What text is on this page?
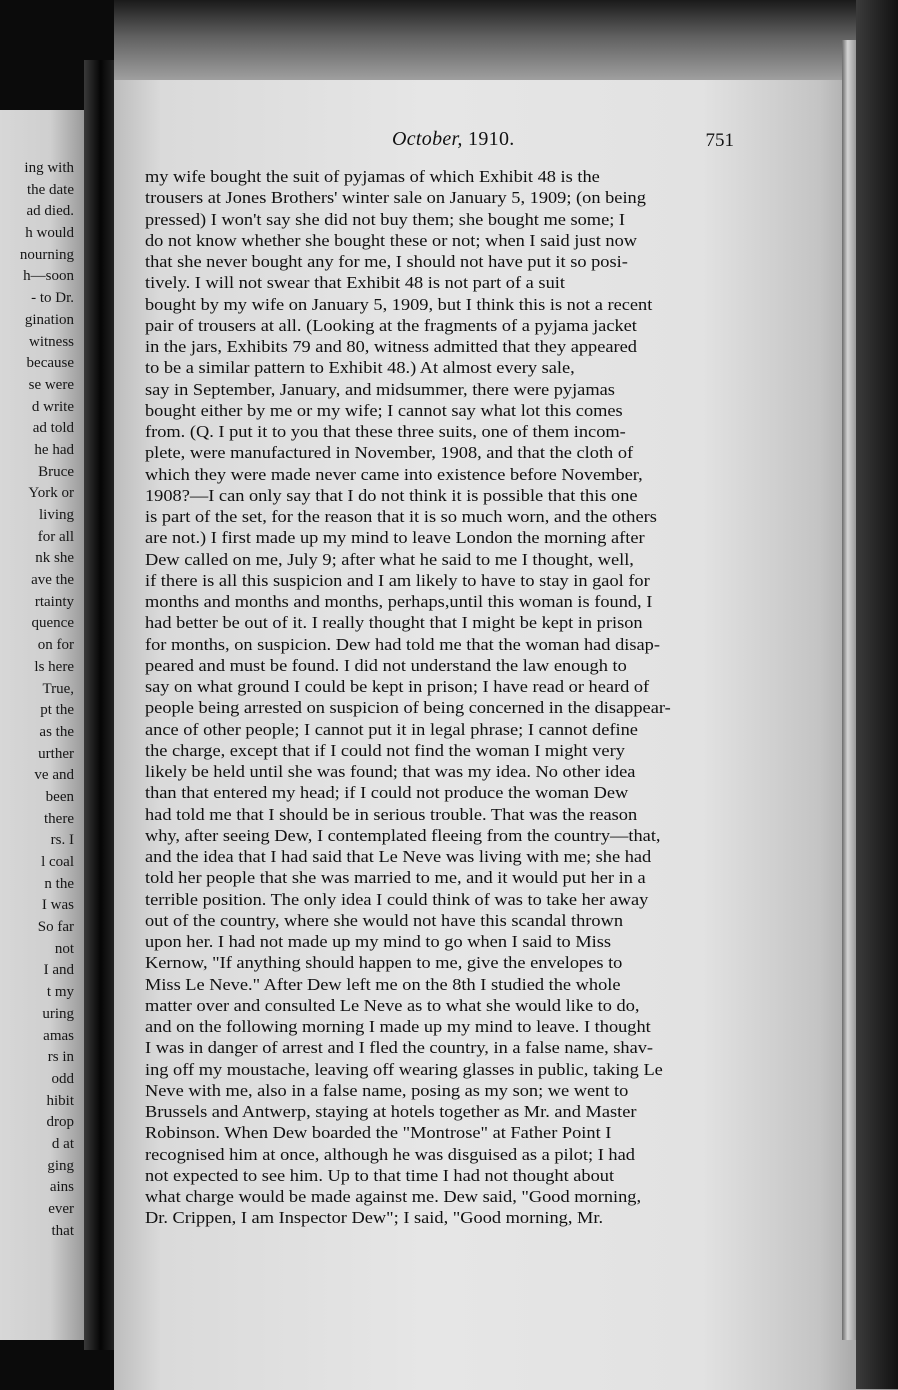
ing with
the date
ad died.
h would
nourning
h—soon
- to Dr.
gination
witness
because
se were
d write
ad told
he had
Bruce
York or
living
for all
nk she
ave the
rtainty
quence
on for
ls here
True,
pt the
as the
urther
ve and
been
there
rs. I
l coal
n the
I was
So far
not
I and
t my
uring
amas
rs in
odd
hibit
drop
d at
ging
ains
ever
that
October, 1910.	751
my wife bought the suit of pyjamas of which Exhibit 48 is the
trousers at Jones Brothers' winter sale on January 5, 1909; (on being
pressed) I won't say she did not buy them; she bought me some; I
do not know whether she bought these or not; when I said just now
that she never bought any for me, I should not have put it so posi-
tively. I will not swear that Exhibit 48 is not part of a suit
bought by my wife on January 5, 1909, but I think this is not a recent
pair of trousers at all. (Looking at the fragments of a pyjama jacket
in the jars, Exhibits 79 and 80, witness admitted that they appeared
to be a similar pattern to Exhibit 48.) At almost every sale,
say in September, January, and midsummer, there were pyjamas
bought either by me or my wife; I cannot say what lot this comes
from. (Q. I put it to you that these three suits, one of them incom-
plete, were manufactured in November, 1908, and that the cloth of
which they were made never came into existence before November,
1908?—I can only say that I do not think it is possible that this one
is part of the set, for the reason that it is so much worn, and the others
are not.) I first made up my mind to leave London the morning after
Dew called on me, July 9; after what he said to me I thought, well,
if there is all this suspicion and I am likely to have to stay in gaol for
months and months and months, perhaps,until this woman is found, I
had better be out of it. I really thought that I might be kept in prison
for months, on suspicion. Dew had told me that the woman had disap-
peared and must be found. I did not understand the law enough to
say on what ground I could be kept in prison; I have read or heard of
people being arrested on suspicion of being concerned in the disappear-
ance of other people; I cannot put it in legal phrase; I cannot define
the charge, except that if I could not find the woman I might very
likely be held until she was found; that was my idea. No other idea
than that entered my head; if I could not produce the woman Dew
had told me that I should be in serious trouble. That was the reason
why, after seeing Dew, I contemplated fleeing from the country—that,
and the idea that I had said that Le Neve was living with me; she had
told her people that she was married to me, and it would put her in a
terrible position. The only idea I could think of was to take her away
out of the country, where she would not have this scandal thrown
upon her. I had not made up my mind to go when I said to Miss
Kernow, "If anything should happen to me, give the envelopes to
Miss Le Neve." After Dew left me on the 8th I studied the whole
matter over and consulted Le Neve as to what she would like to do,
and on the following morning I made up my mind to leave. I thought
I was in danger of arrest and I fled the country, in a false name, shav-
ing off my moustache, leaving off wearing glasses in public, taking Le
Neve with me, also in a false name, posing as my son; we went to
Brussels and Antwerp, staying at hotels together as Mr. and Master
Robinson. When Dew boarded the "Montrose" at Father Point I
recognised him at once, although he was disguised as a pilot; I had
not expected to see him. Up to that time I had not thought about
what charge would be made against me. Dew said, "Good morning,
Dr. Crippen, I am Inspector Dew"; I said, "Good morning, Mr.
